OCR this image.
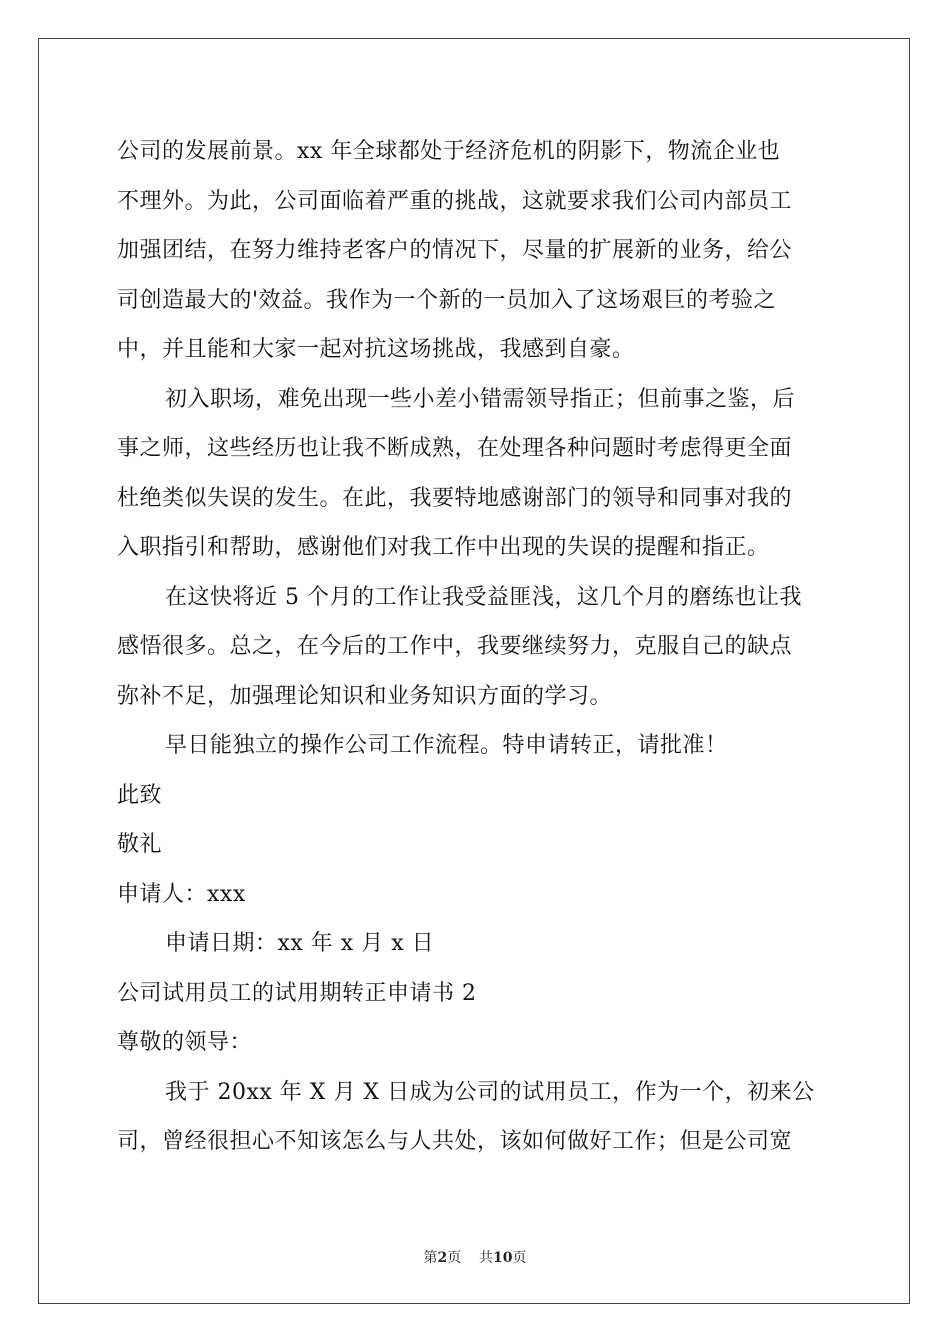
公司的发展前景。xx 年全球都处于经济危机的阴影下，物流企业也
不理外。为此，公司面临着严重的挑战，这就要求我们公司内部员工
加强团结，在努力维持老客户的情况下，尽量的扩展新的业务，给公
司创造最大的'效益。我作为一个新的一员加入了这场艰巨的考验之
中，并且能和大家一起对抗这场挑战，我感到自豪。
初入职场，难免出现一些小差小错需领导指正；但前事之鉴，后
事之师，这些经历也让我不断成熟，在处理各种问题时考虑得更全面
杜绝类似失误的发生。在此，我要特地感谢部门的领导和同事对我的
入职指引和帮助，感谢他们对我工作中出现的失误的提醒和指正。
在这快将近 5 个月的工作让我受益匪浅，这几个月的磨练也让我
感悟很多。总之，在今后的工作中，我要继续努力，克服自己的缺点
弥补不足，加强理论知识和业务知识方面的学习。
早日能独立的操作公司工作流程。特申请转正，请批准！
此致
敬礼
申请人：xxx
申请日期：xx 年 x 月 x 日
公司试用员工的试用期转正申请书 2
尊敬的领导：
我于 20xx 年 X 月 X 日成为公司的试用员工，作为一个，初来公
司，曾经很担心不知该怎么与人共处，该如何做好工作；但是公司宽
第2页 共10页
